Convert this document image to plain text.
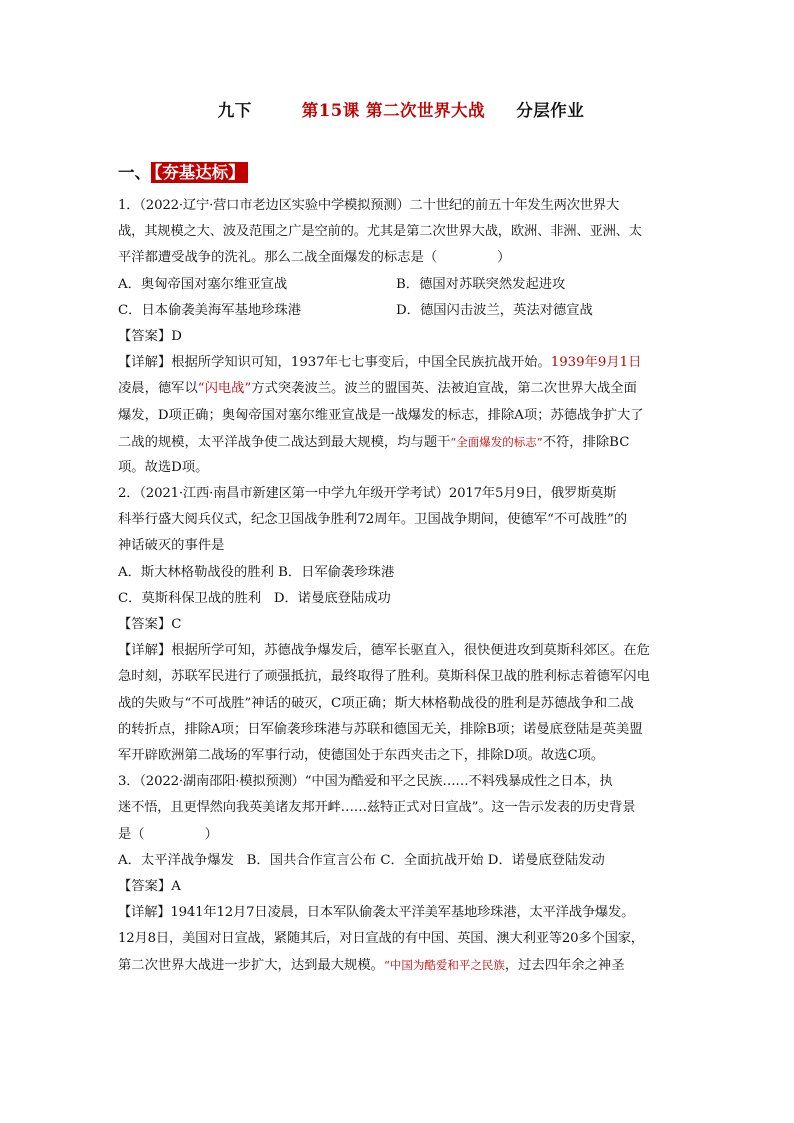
九下	第15课 第二次世界大战 分层作业
一、 【夯基达标】
1．（2022·辽宁·营口市老边区实验中学模拟预测）二十世纪的前五十年发生两次世界大
战，其规模之大、波及范围之广是空前的。尤其是第二次世界大战，欧洲、非洲、亚洲、太
平洋都遭受战争的洗礼。那么二战全面爆发的标志是（	）
A．奥匈帝国对塞尔维亚宣战	B．德国对苏联突然发起进攻
C．日本偷袭美海军基地珍珠港	D．德国闪击波兰，英法对德宣战
【答案】D
【详解】根据所学知识可知，1937年七七事变后，中国全民族抗战开始。1939年9月1日
凌晨，德军以“闪电战”方式突袭波兰。波兰的盟国英、法被迫宣战，第二次世界大战全面
爆发，D项正确；奥匈帝国对塞尔维亚宣战是一战爆发的标志，排除A项；苏德战争扩大了
二战的规模，太平洋战争使二战达到最大规模，均与题干“全面爆发的标志”不符，排除BC
项。故选D项。
2．（2021·江西·南昌市新建区第一中学九年级开学考试）2017年5月9日，俄罗斯莫斯
科举行盛大阅兵仪式，纪念卫国战争胜利72周年。卫国战争期间，使德军“不可战胜”的
神话破灭的事件是
A．斯大林格勒战役的胜利 B．日军偷袭珍珠港
C．莫斯科保卫战的胜利   D．诺曼底登陆成功
【答案】C
【详解】根据所学可知，苏德战争爆发后，德军长驱直入，很快便进攻到莫斯科郊区。在危
急时刻，苏联军民进行了顽强抵抗，最终取得了胜利。莫斯科保卫战的胜利标志着德军闪电
战的失败与“不可战胜”神话的破灭，C项正确；斯大林格勒战役的胜利是苏德战争和二战
的转折点，排除A项；日军偷袭珍珠港与苏联和德国无关，排除B项；诺曼底登陆是英美盟
军开辟欧洲第二战场的军事行动，使德国处于东西夹击之下，排除D项。故选C项。
3．（2022·湖南邵阳·模拟预测）“中国为酷爱和平之民族……不料残暴成性之日本，执
迷不悟，且更悍然向我英美诸友邦开衅……兹特正式对日宣战”。这一告示发表的历史背景
是（	）
A．太平洋战争爆发   B．国共合作宣言公布 C．全面抗战开始 D．诺曼底登陆发动
【答案】A
【详解】1941年12月7日凌晨，日本军队偷袭太平洋美军基地珍珠港，太平洋战争爆发。
12月8日，美国对日宣战，紧随其后，对日宣战的有中国、英国、澳大利亚等20多个国家，
第二次世界大战进一步扩大，达到最大规模。“中国为酷爱和平之民族，过去四年余之神圣
